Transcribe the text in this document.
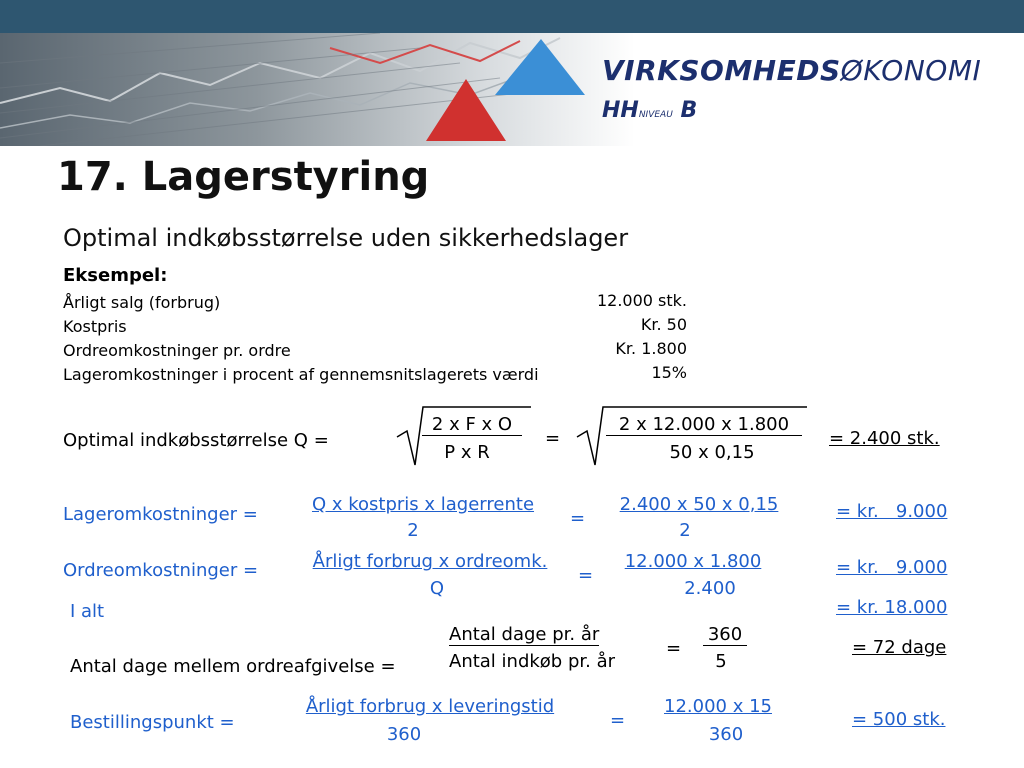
VIRKSOMHEDSØKONOMI
HHNIVEAU B
17. Lagerstyring
Optimal indkøbsstørrelse uden sikkerhedslager
Eksempel:
Årligt salg (forbrug)	12.000 stk.
Kostpris	Kr. 50
Ordreomkostninger pr. ordre	Kr. 1.800
Lageromkostninger i procent af gennemsnitslagerets værdi	15%
Optimal indkøbsstørrelse Q =
2 x F x O
P x R
=
2 x 12.000 x 1.800
50 x 0,15
= 2.400 stk.
Lageromkostninger =	Q x kostpris x lagerrente
2
=
2.400 x 50 x 0,15
2
= kr.   9.000
Ordreomkostninger =	Årligt forbrug x ordreomk.
Q
=
12.000 x 1.800
2.400
= kr.   9.000
I alt	= kr. 18.000
Antal dage mellem ordreafgivelse =
Antal dage pr. år
Antal indkøb pr. år
=
360
5
= 72 dage
Bestillingspunkt =
Årligt forbrug x leveringstid
360
=
12.000 x 15
360
= 500 stk.
